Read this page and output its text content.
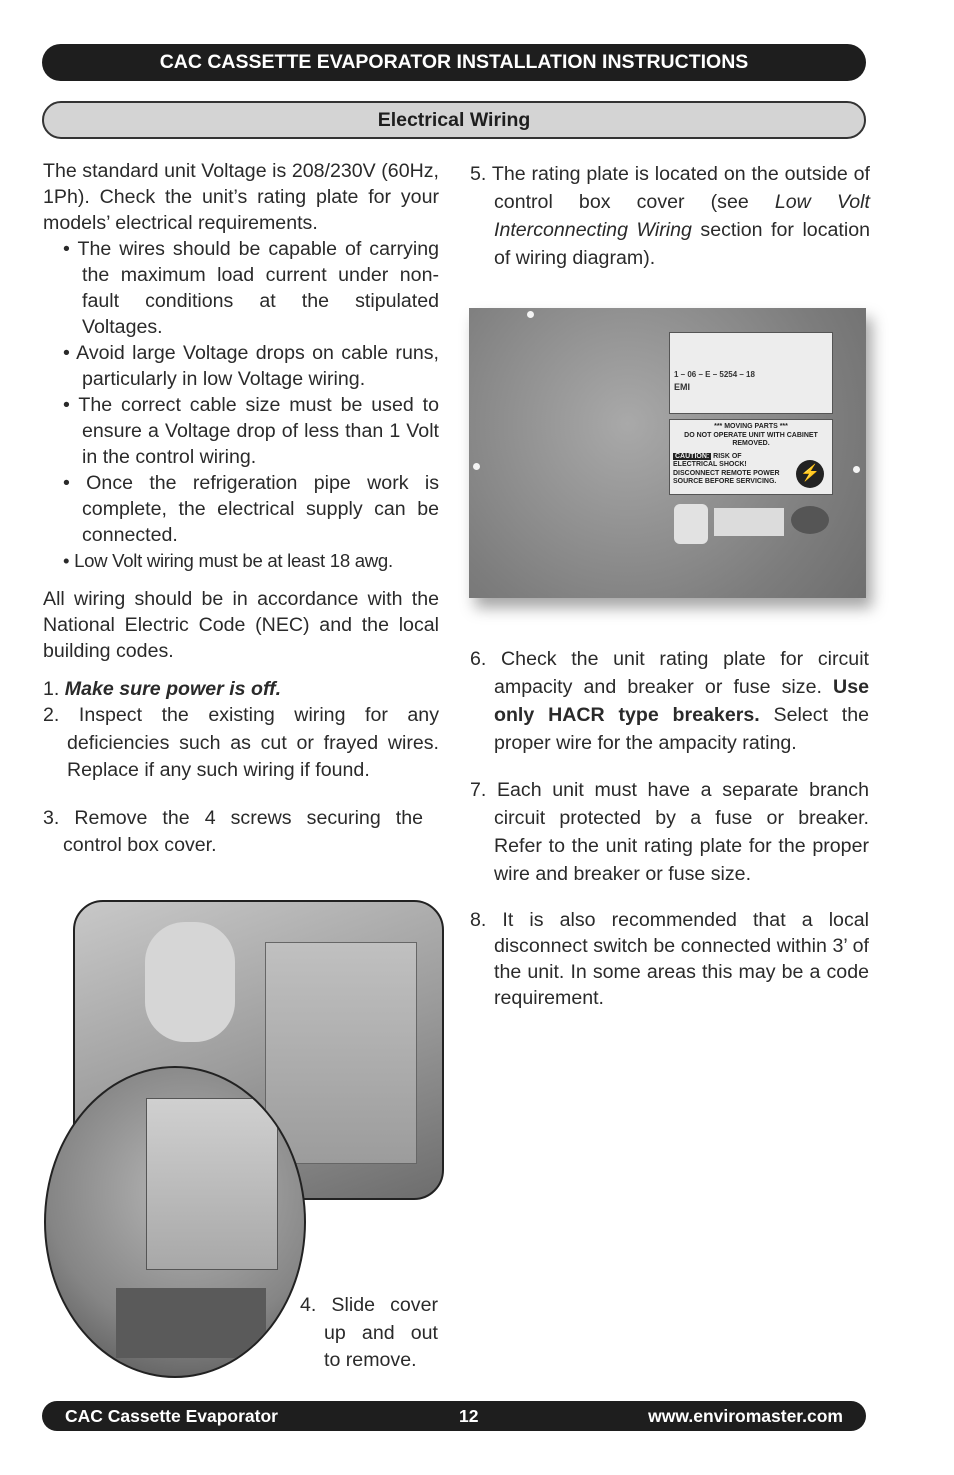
CAC CASSETTE EVAPORATOR INSTALLATION INSTRUCTIONS
Electrical Wiring
The standard unit Voltage is 208/230V (60Hz, 1Ph). Check the unit’s rating plate for your models’ electrical requirements.
• The wires should be capable of carrying the maximum load current under non-fault conditions at the stipulated Voltages.
• Avoid large Voltage drops on cable runs, particularly in low Voltage wiring.
• The correct cable size must be used to ensure a Voltage drop of less than 1 Volt in the control wiring.
• Once the refrigeration pipe work is complete, the electrical supply can be connected.
• Low Volt wiring must be at least 18 awg.
All wiring should be in accordance with the National Electric Code (NEC) and the local building codes.
1. Make sure power is off.
2. Inspect the existing wiring for any deficiencies such as cut or frayed wires. Replace if any such wiring if found.
3. Remove the 4 screws securing the control box cover.
5. The rating plate is located on the outside of control box cover (see Low Volt Interconnecting Wiring section for location of wiring diagram).
6. Check the unit rating plate for circuit ampacity and breaker or fuse size. Use only HACR type breakers. Select the proper wire for the ampacity rating.
7. Each unit must have a separate branch circuit protected by a fuse or breaker. Refer to the unit rating plate for the proper wire and breaker or fuse size.
8. It is also recommended that a local disconnect switch be connected within 3’ of the unit. In some areas this may be a code requirement.
1 – 06 – E – 5254 – 18
EMI
*** MOVING PARTS ***
DO NOT OPERATE UNIT WITH CABINET REMOVED.
CAUTION: RISK OF ELECTRICAL SHOCK! DISCONNECT REMOTE POWER SOURCE BEFORE SERVICING.	⚡
4. Slide cover up and out to remove.
CAC Cassette Evaporator	12	www.enviromaster.com
